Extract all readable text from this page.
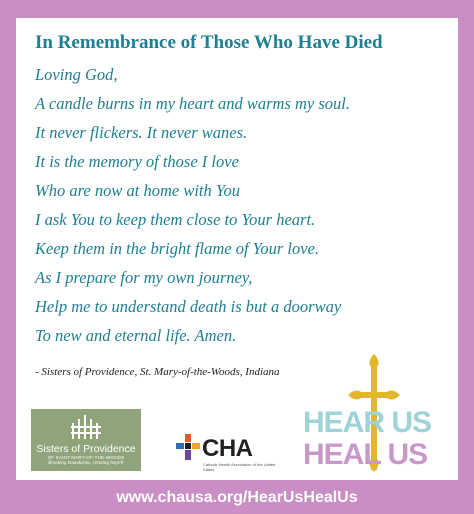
In Remembrance of Those Who Have Died
Loving God,
A candle burns in my heart and warms my soul.
It never flickers. It never wanes.
It is the memory of those I love
Who are now at home with You
I ask You to keep them close to Your heart.
Keep them in the bright flame of Your love.
As I prepare for my own journey,
Help me to understand death is but a doorway
To new and eternal life. Amen.
- Sisters of Providence, St. Mary-of-the-Woods, Indiana
Sisters of Providence
OF SAINT MARY-OF-THE-WOODS
Breaking boundaries, creating hope®
CHA
Catholic Health Association of the United States
HEAR US
HEAL US
www.chausa.org/HearUsHealUs
